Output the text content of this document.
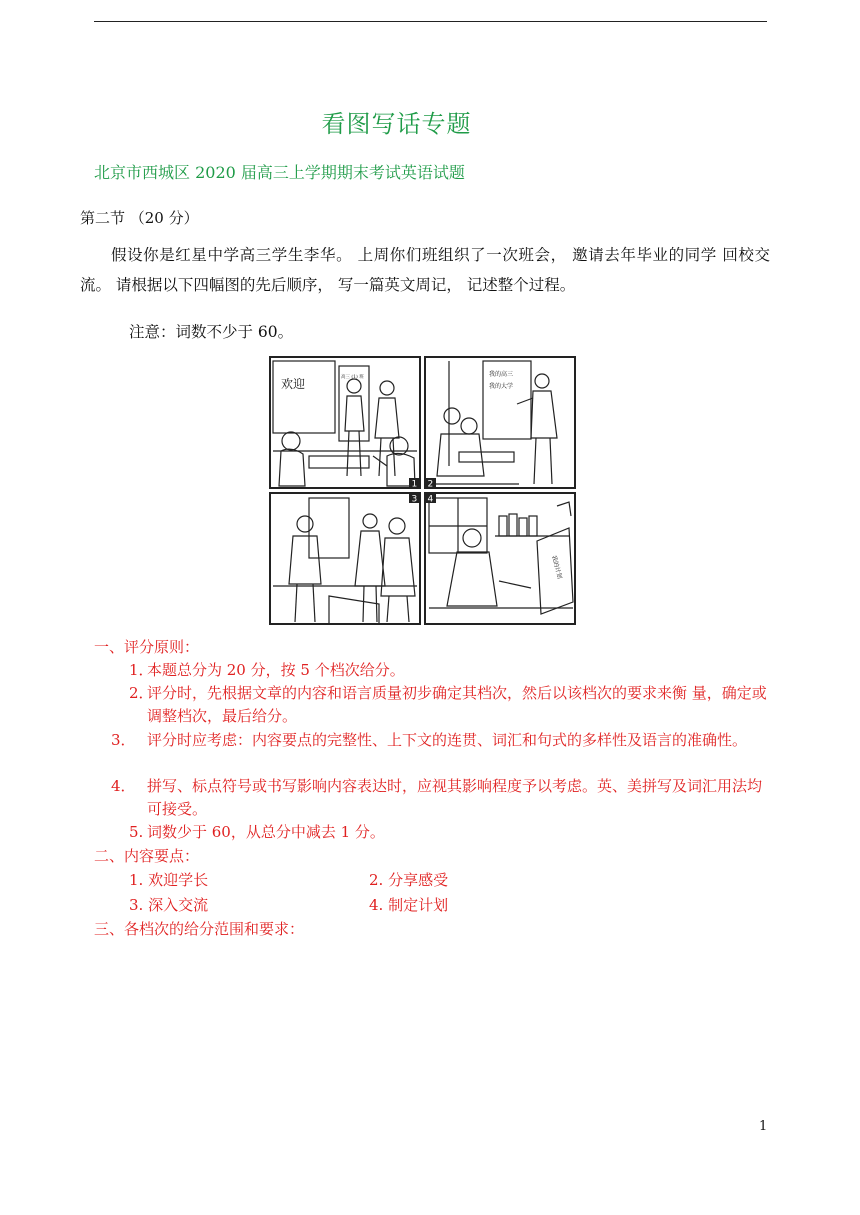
看图写话专题
北京市西城区 2020 届高三上学期期末考试英语试题
第二节 （20 分）
假设你是红星中学高三学生李华。 上周你们班组织了一次班会， 邀请去年毕业的同学 回校交流。 请根据以下四幅图的先后顺序， 写一篇英文周记， 记述整个过程。
注意：词数不少于 60。
1 2
3 4
欢迎	高三 (1) 班	我的高三
我的大学
我的计划
一、评分原则：
1．本题总分为 20 分，按 5 个档次给分。
2．评分时，先根据文章的内容和语言质量初步确定其档次，然后以该档次的要求来衡 量，确定或调整档次，最后给分。
3． 评分时应考虑：内容要点的完整性、上下文的连贯、词汇和句式的多样性及语言的准确性。
4． 拼写、标点符号或书写影响内容表达时，应视其影响程度予以考虑。英、美拼写及词汇用法均可接受。
5.词数少于 60，从总分中减去 1 分。
二、内容要点：
1. 欢迎学长	2. 分享感受
3. 深入交流	4. 制定计划
三、各档次的给分范围和要求：
1
